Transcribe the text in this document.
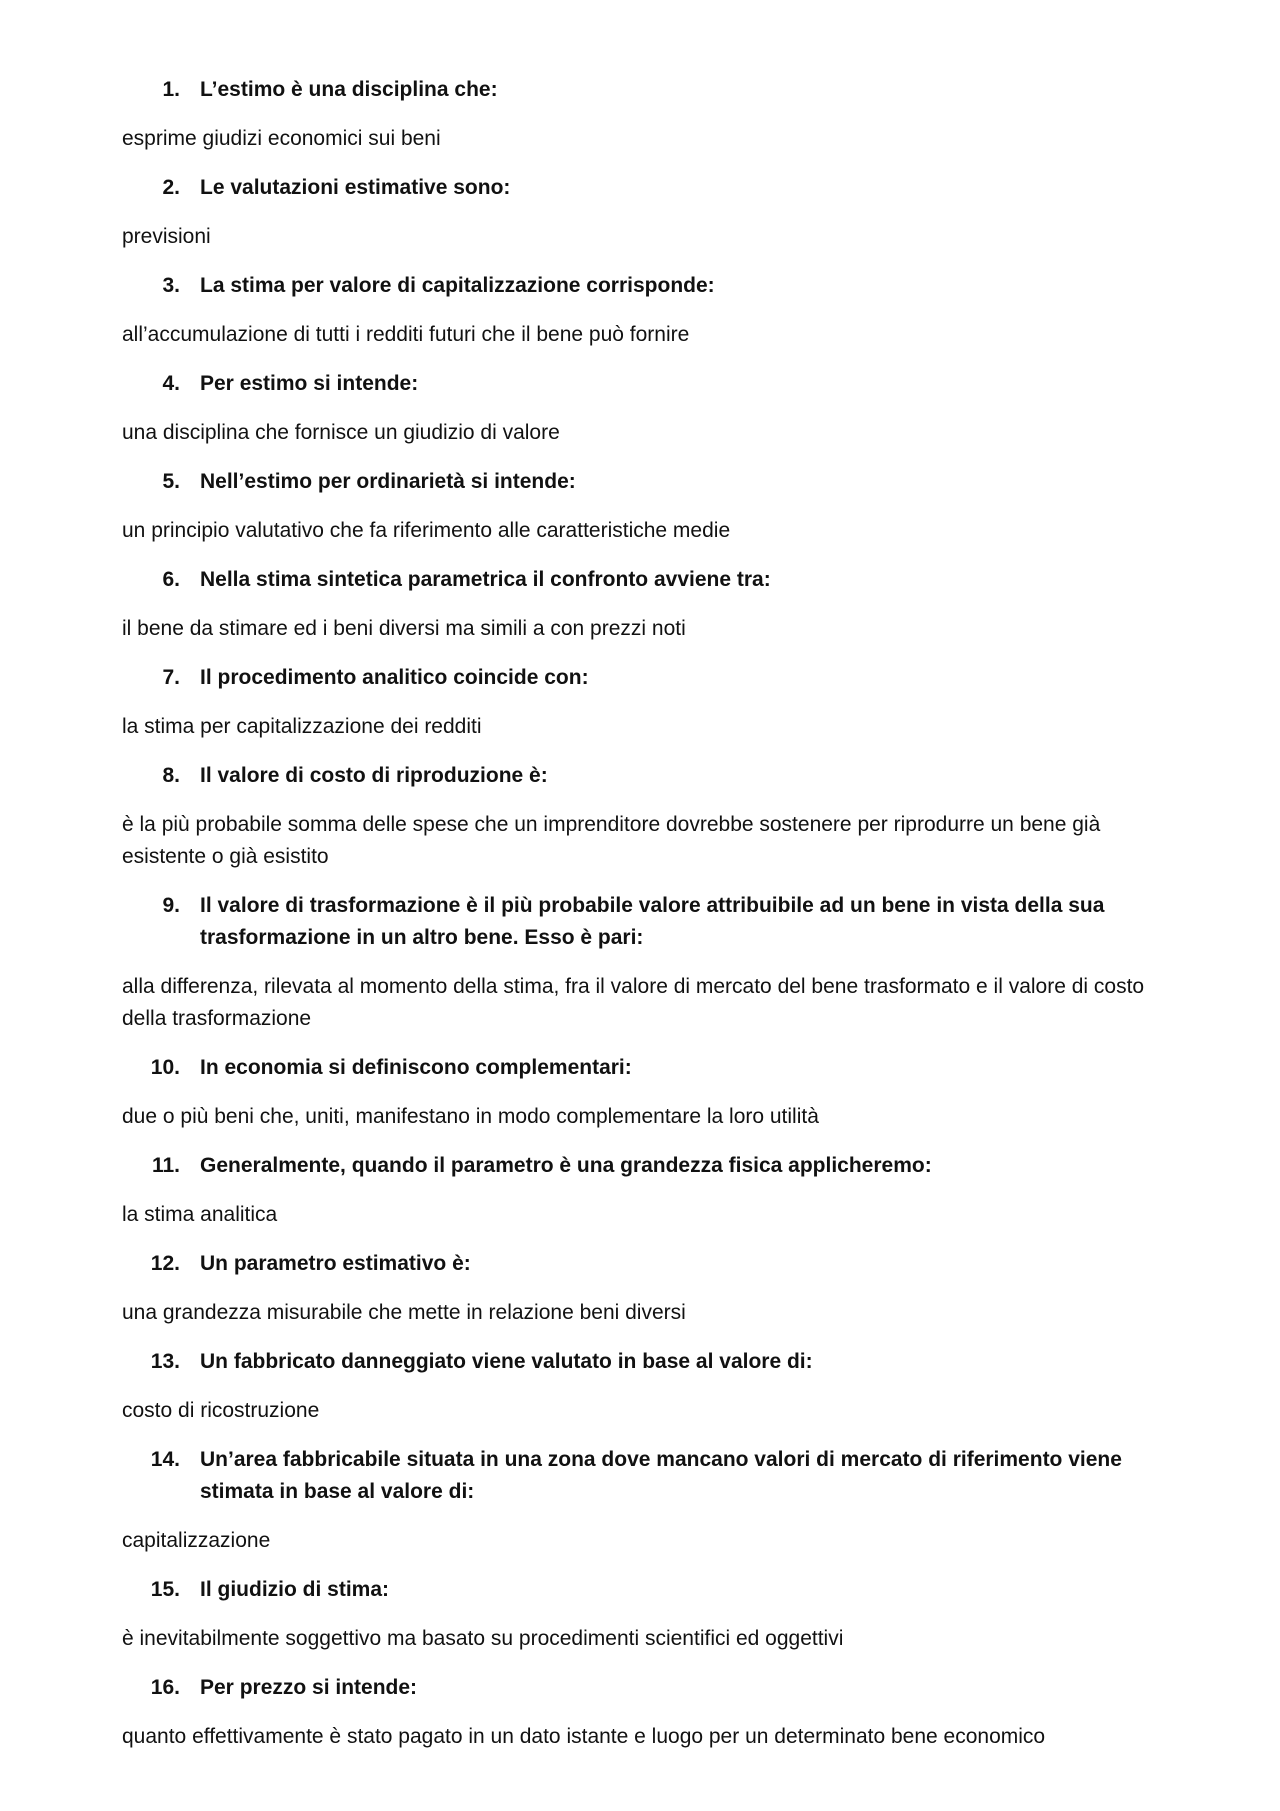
1. L’estimo è una disciplina che:

esprime giudizi economici sui beni

2. Le valutazioni estimative sono:

previsioni

3. La stima per valore di capitalizzazione corrisponde:

all’accumulazione di tutti i redditi futuri che il bene può fornire

4. Per estimo si intende:

una disciplina che fornisce un giudizio di valore

5. Nell’estimo per ordinarietà si intende:

un principio valutativo che fa riferimento alle caratteristiche medie

6. Nella stima sintetica parametrica il confronto avviene tra:

il bene da stimare ed i beni diversi ma simili a con prezzi noti

7. Il procedimento analitico coincide con:

la stima per capitalizzazione dei redditi

8. Il valore di costo di riproduzione è:

è la più probabile somma delle spese che un imprenditore dovrebbe sostenere per riprodurre un bene già esistente o già esistito

9. Il valore di trasformazione è il più probabile valore attribuibile ad un bene in vista della sua trasformazione in un altro bene. Esso è pari:

alla differenza, rilevata al momento della stima, fra il valore di mercato del bene trasformato e il valore di costo della trasformazione

10. In economia si definiscono complementari:

due o più beni che, uniti, manifestano in modo complementare la loro utilità

11. Generalmente, quando il parametro è una grandezza fisica applicheremo:

la stima analitica

12. Un parametro estimativo è:

una grandezza misurabile che mette in relazione beni diversi

13. Un fabbricato danneggiato viene valutato in base al valore di:

costo di ricostruzione

14. Un’area fabbricabile situata in una zona dove mancano valori di mercato di riferimento viene stimata in base al valore di:

capitalizzazione

15. Il giudizio di stima:

è inevitabilmente soggettivo ma basato su procedimenti scientifici ed oggettivi

16. Per prezzo si intende:

quanto effettivamente è stato pagato in un dato istante e luogo per un determinato bene economico
